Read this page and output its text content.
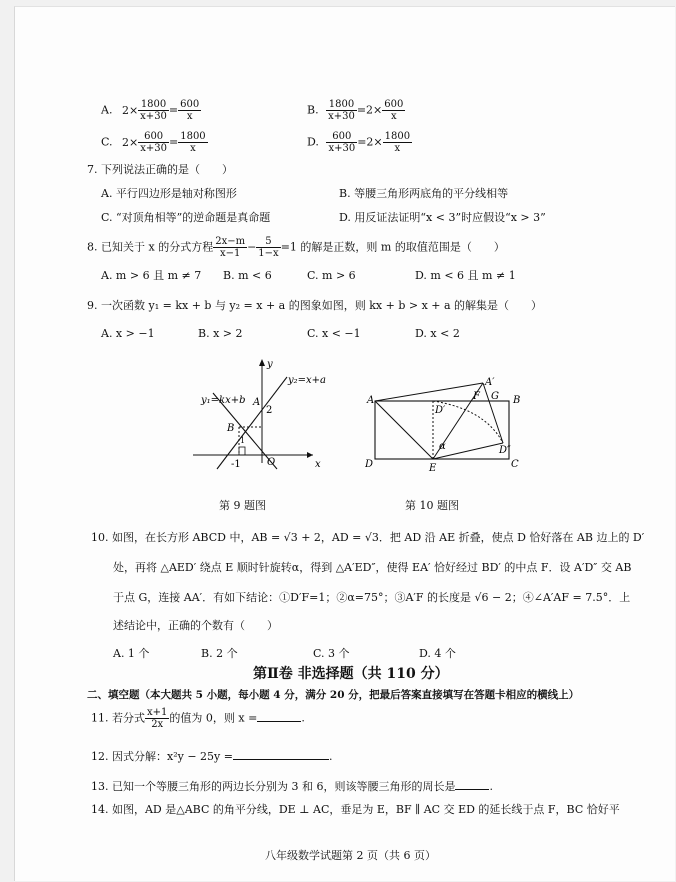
A. $2\times \frac{1800}{x+30} = \frac{600}{x}$	B. $\frac{1800}{x+30} =2\times \frac{600}{x}$
C. $2\times \frac{600}{x+30} = \frac{1800}{x}$	D. $\frac{600}{x+30} =2\times \frac{1800}{x}$
7. 下列说法正确的是（　　）
A. 平行四边形是轴对称图形	B. 等腰三角形两底角的平分线相等
C. “对顶角相等”的逆命题是真命题	D. 用反证法证明“x < 3”时应假设“x > 3”
8. 已知关于 x 的分式方程 $\frac{2x-m}{x-1} - \frac{5}{1-x} =1$ 的解是正数，则 m 的取值范围是（　　）
A. m > 6 且 m ≠ 7 B. m < 6	C. m > 6	D. m < 6 且 m ≠ 1
9. 一次函数 y₁ = kx + b 与 y₂ = x + a 的图象如图，则 kx + b > x + a 的解集是（　　）
A. x > −1	B. x > 2	C. x < −1	D. x < 2
y
x
O
y₂=x+a
y₁=kx+b A
B
2
-1
1
第 9 题图
A	B
C
D	E
F G
A′
D′
D″
α
第 10 题图
10. 如图，在长方形 ABCD 中，AB = √3 + 2，AD = √3．把 AD 沿 AE 折叠，使点 D 恰好落在 AB 边上的 D′
处，再将 △AED′ 绕点 E 顺时针旋转α，得到 △A′ED″，使得 EA′ 恰好经过 BD′ 的中点 F．设 A′D″ 交 AB
于点 G，连接 AA′．有如下结论：①D′F=1；②α=75°；③A′F 的长度是 √6 − 2；④∠A′AF = 7.5°．上
述结论中，正确的个数有（　　）
A. 1 个	B. 2 个	C. 3 个	D. 4 个
第Ⅱ卷 非选择题（共 110 分）
二、填空题（本大题共 5 小题，每小题 4 分，满分 20 分，把最后答案直接填写在答题卡相应的横线上）
11. 若分式 $\frac{x+1}{2x}$ 的值为 0，则 x =	.
12. 因式分解：x²y − 25y =	.
13. 已知一个等腰三角形的两边长分别为 3 和 6，则该等腰三角形的周长是	.
14. 如图，AD 是△ABC 的角平分线，DE ⊥ AC，垂足为 E，BF ∥ AC 交 ED 的延长线于点 F，BC 恰好平
八年级数学试题第 2 页（共 6 页）
